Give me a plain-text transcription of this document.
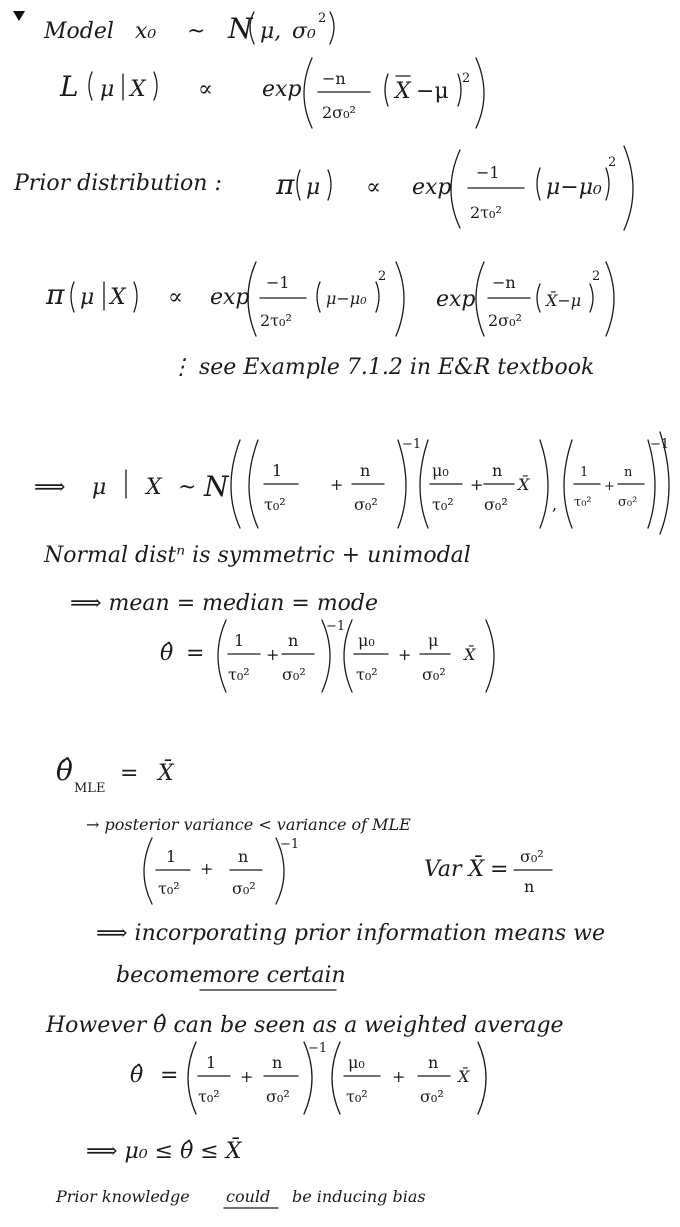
Model x₀ ~ N μ, σ₀
2
L μ X ∝ exp −n
2σ₀²
X −μ
2
Prior distribution : π μ ∝ exp
−1
2τ₀²
μ−μ₀
2
π μ X ∝ exp
−1
2τ₀²
μ−μ₀
2
exp
−n
2σ₀²
X̄−μ
2
⋮ see Example 7.1.2 in E&R textbook
⟹ μ X ~ N	1
τ₀²
+
n
σ₀²
−1
μ₀
τ₀²
+
n
σ₀²
X̄
,
1
τ₀²
+
n
σ₀²
−1
Normal distⁿ is symmetric + unimodal
⟹ mean = median = mode
θ̂ =
1
τ₀²
+
n
σ₀²
−1
μ₀
τ₀²
+
μ
σ₀²
X̄
θ̂
MLE
= X̄
→ posterior variance < variance of MLE
1
τ₀²
+
n
σ₀²
−1
Var X̄ =
σ₀²
n
⟹ incorporating prior information means we
become more certain
However θ̂ can be seen as a weighted average
θ̂ =
1
τ₀²
+
n
σ₀²
−1
μ₀
τ₀²
+
n
σ₀²
X̄
⟹ μ₀ ≤ θ̂ ≤ X̄
Prior knowledge could be inducing bias
